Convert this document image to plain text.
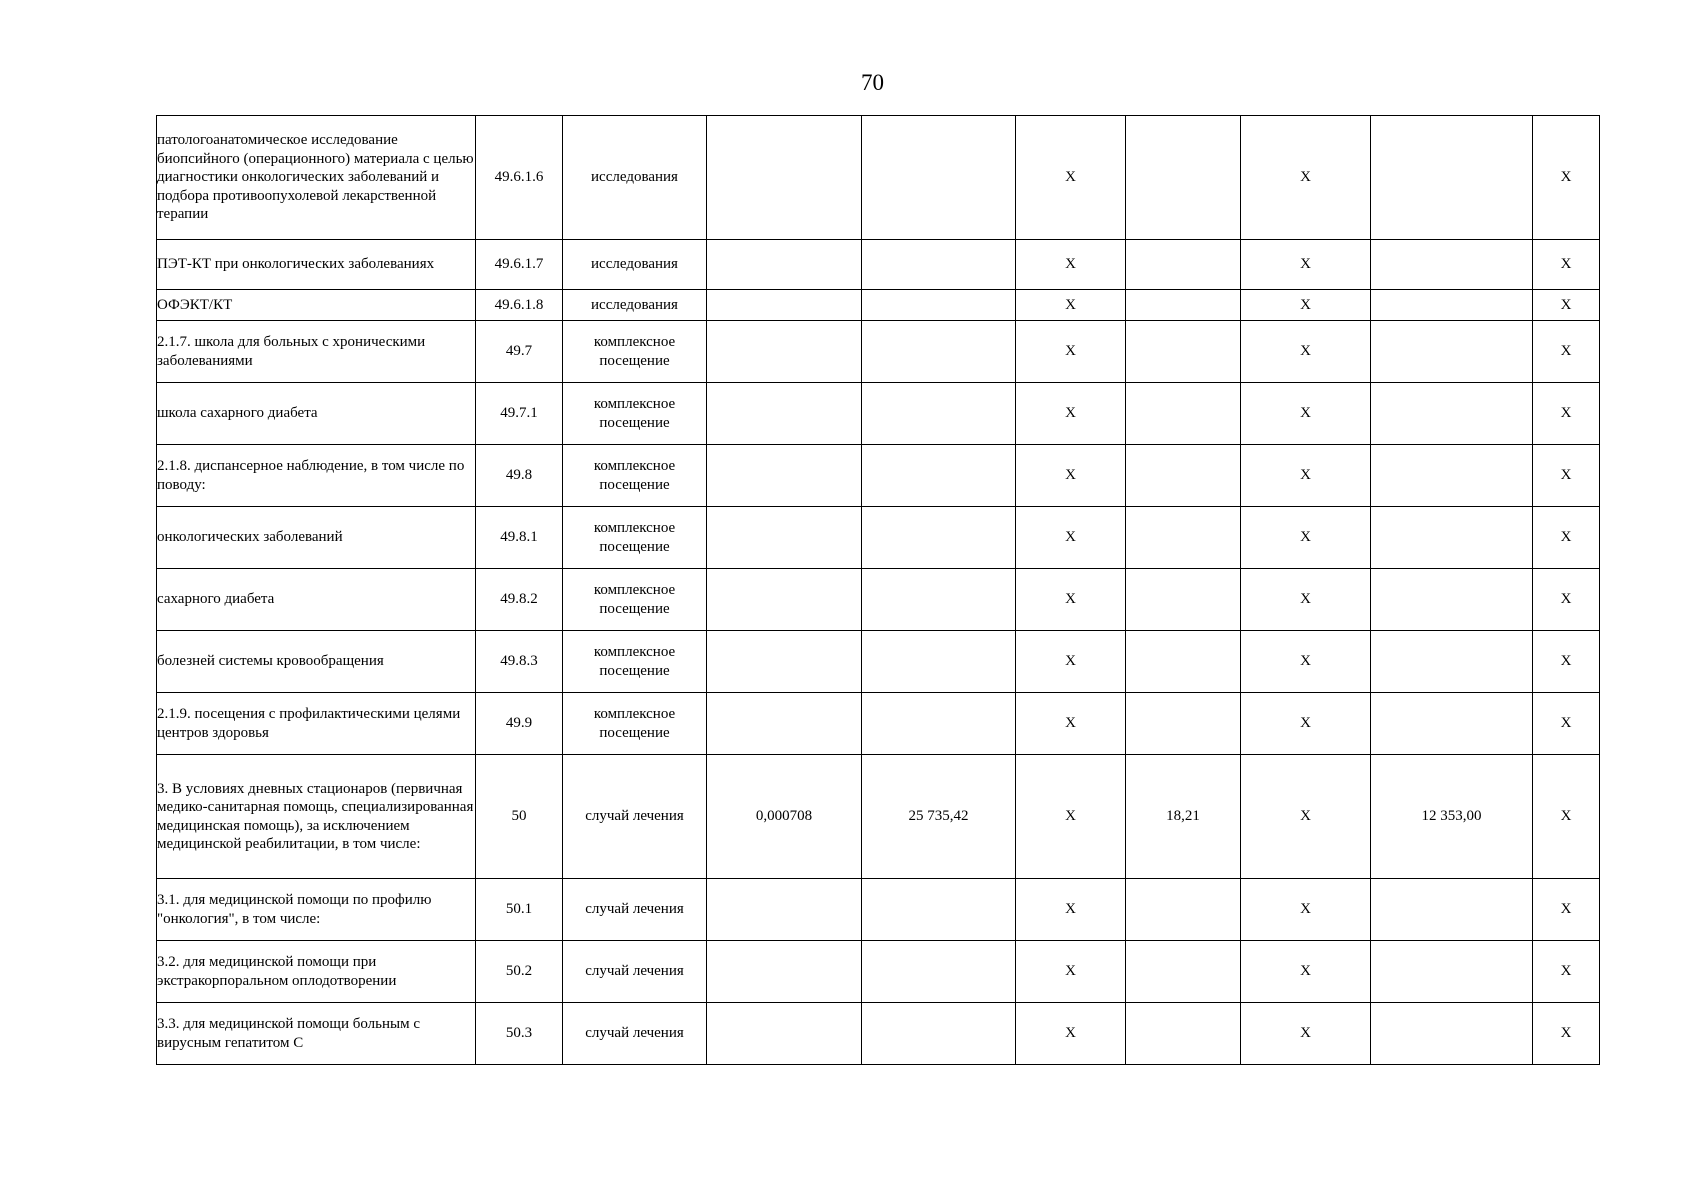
70
патологоанатомическое исследование биопсийного (операционного) материала с целью диагностики онкологических заболеваний и подбора противоопухолевой лекарственной терапии	49.6.1.6	исследования			X		X		X
ПЭТ-КТ при онкологических заболеваниях	49.6.1.7	исследования			X		X		X
ОФЭКТ/КТ	49.6.1.8	исследования			X		X		X
2.1.7. школа для больных с хроническими заболеваниями	49.7	комплексное посещение			X		X		X
школа сахарного диабета	49.7.1	комплексное посещение			X		X		X
2.1.8. диспансерное наблюдение, в том числе по поводу:	49.8	комплексное посещение			X		X		X
онкологических заболеваний	49.8.1	комплексное посещение			X		X		X
сахарного диабета	49.8.2	комплексное посещение			X		X		X
болезней системы кровообращения	49.8.3	комплексное посещение			X		X		X
2.1.9. посещения с профилактическими целями центров здоровья	49.9	комплексное посещение			X		X		X
3. В условиях дневных стационаров (первичная медико-санитарная помощь, специализированная медицинская помощь), за исключением медицинской реабилитации, в том числе:	50	случай лечения	0,000708	25 735,42	X	18,21	X	12 353,00	X
3.1. для медицинской помощи по профилю "онкология", в том числе:	50.1	случай лечения			X		X		X
3.2. для медицинской помощи при экстракорпоральном оплодотворении	50.2	случай лечения			X		X		X
3.3. для медицинской помощи больным с вирусным гепатитом С	50.3	случай лечения			X		X		X
